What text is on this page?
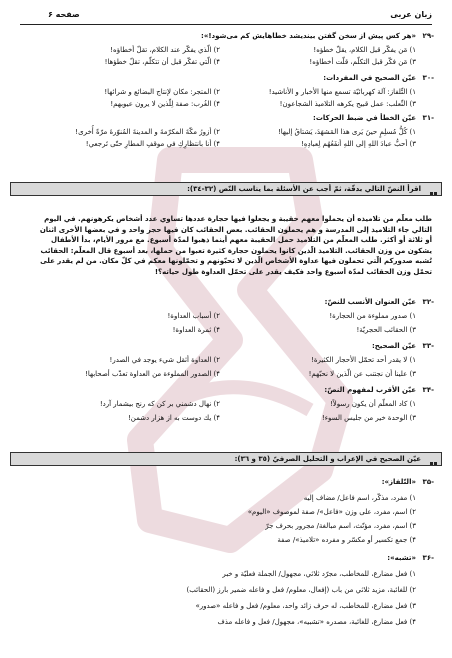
زبان عربی
صفحه ۶
-۲۹
«هر کس پیش از سخن گفتن بیندیشد خطاهایش کم می‌شود!»:
۱) مَن يفكّر قبل الكلام، يقلّ خطؤه!
۲) الّذي يفكّر عند الكلام، تقلّ أخطاؤه!
۳) مَن فكّر قبل التكلّم، قلّت أخطاؤه!
۴) الّتي تفكّر قبل أن تتكلّم، تقلّ خطؤها!
-۳۰
عيّن الصحيح في المفردات:
۱) التِّلفاز: آلة كهربائيّة تسمع منها الأخبار و الأناشيد!
۲) المتجر: مكان لإنتاج البضائع و شرائها!
۳) الثّعلب: عمل قبيح يكرهه التلاميذ الشجاعون!
۴) الغُرب: صفة لِلّذين لا يرون عيوبهم!
-۳۱
عيّن الخطأ في ضبط الحركات:
۱) كُلُّ مُسلِمٍ حينَ يَرى هذا المَشهَدَ، يَشتاقُ إليها!
۲) أزورُ مكّةَ المكرّمةَ و المدينةَ المُنوّرةَ مرّةً أُخرى!
۳) أحبُّ عبادَ اللهِ إلى اللهِ أنفَعُهُم لِعبادِهِ!
۴) أنا بانتظارِكِ في موقفِ المطارِ حتّى تَرجعي!
اقرأ النصّ التالي بدقّة، ثمّ أجب عن الأسئلة بما يناسب النّص (٣٢-٣٤):

طلب معلّم من تلاميذه أن يحملوا معهم حقيبة و يجعلوا فيها حجارة عددها تساوي عدد أشخاص يكرهونهم. في اليوم

التالي جاء التلاميذ إلى المدرسة و هم يحملون الحقائب. بعض الحقائب كان فيها حجر واحد و في بعضها الأخرى اثنان

أو ثلاثة أو أكثر. طلب المعلّم من التلاميذ حمل الحقيبة معهم أينما ذهبوا لمدّة أسبوع. مع مرور الأيام، بدأ الأطفال

يشكون من وزن الحقائب. التلاميذ الّذين كانوا يحملون حجارة كثيرة تعبوا من حملها، بعد أسبوع قال المعلّم: الحقائب

تُشبه صدوركم الّتي تحملون فيها عداوة الأشخاص الّذين لا تحبّونهم و تحمّلونها معكم في كلّ مكان. من لم يقدر على

تحمّل وزن الحقائب لمدّة أسبوع واحد فكيف يقدر على تحمّل العداوة طول حياته؟!

-۳۲
عيّن العنوان الأنسب للنصّ:
۱) صدور مملوءة من الحجارة!
۲) أسباب العداوة!
۳) الحقائب الحجريّة!
۴) ثمرة العداوة!
-۳۳
عيّن الصحيح:
۱) لا يقدر أحد تحمّل الأحجار الكثيرة!
۲) العداوة أثقل شيء يوجد في الصدر!
۳) علينا أن نجتنب عن الّذين لا نحبّهم!
۴) الصدور المملوءة من العداوة تعذّب أصحابها!
-۳۴
عيّن الأقرب لمفهوم النصّ:
۱) كاد المعلّم أن يكون رسولاً!
۲) نهال دشمني بر كن كه رنج بيشمار آرد!
۳) الوحدة خير من جليس السوء!
۴) يك دوست به از هزار دشمن!
عيّن الصحيح في الإعراب و التحليل الصرفيّ (٣٥ و ٣٦):
-۳۵
«التّلفاز»:
۱) مفرد، مذكّر، اسم فاعل/ مضاف إليه
۲) اسم، مفرد، على وزن «فاعل»/ صفة لموصوف «اليوم»
۳) اسم، مفرد، مؤنّث، اسم مبالغة/ مجرور بحرف جرّ
۴) جمع تكسير أو مكسّر و مفرده «تلاميذ»/ صفة
-۳۶
«تشبه»:
۱) فعل مضارع، للمخاطب، مجرّد ثلاثي، مجهول/ الجملة فعليّة و خبر
۲) للغائبة، مزيد ثلاثي من باب (إفعال، معلوم/ فعل و فاعله ضمير بارز (الحقائب)
۳) فعل مضارع، للمخاطب، له حرف زائد واحد، معلوم/ فعل و فاعله «صدور»
۴) فعل مضارع، للغائبة، مصدره «تشبيه»، مجهول/ فعل و فاعله مذف
